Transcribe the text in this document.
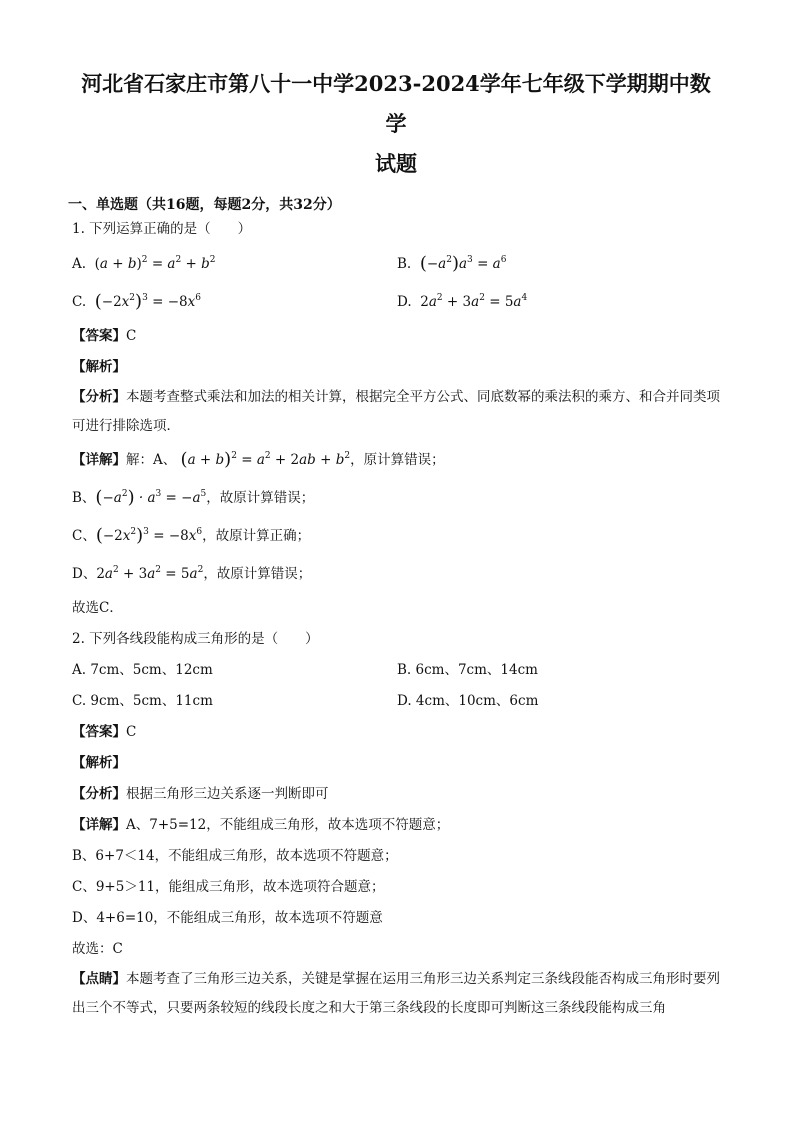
河北省石家庄市第八十一中学2023-2024学年七年级下学期期中数学
试题
一、单选题（共16题，每题2分，共32分）
1. 下列运算正确的是（　　）
A. $(a + b)^2 = a^2 + b^2$	B. $(-a^2)a^3 = a^6$
C. $(-2x^2)^3 = -8x^6$	D. $2a^2 + 3a^2 = 5a^4$
【答案】C
【解析】
【分析】本题考查整式乘法和加法的相关计算，根据完全平方公式、同底数幂的乘法积的乘方、和合并同类项可进行排除选项．
【详解】解：A、 $(a + b)^2 = a^2 + 2ab + b^2$，原计算错误；
B、$(-a^2) \cdot a^3 = -a^5$，故原计算错误；
C、$(-2x^2)^3 = -8x^6$，故原计算正确；
D、$2a^2 + 3a^2 = 5a^2$，故原计算错误；
故选C．
2. 下列各线段能构成三角形的是（　　）
A. 7cm、5cm、12cm	B. 6cm、7cm、14cm
C. 9cm、5cm、11cm	D. 4cm、10cm、6cm
【答案】C
【解析】
【分析】根据三角形三边关系逐一判断即可
【详解】A、7+5=12，不能组成三角形，故本选项不符题意；
B、6+7＜14，不能组成三角形，故本选项不符题意；
C、9+5＞11，能组成三角形，故本选项符合题意；
D、4+6=10，不能组成三角形，故本选项不符题意
故选：C
【点睛】本题考查了三角形三边关系，关键是掌握在运用三角形三边关系判定三条线段能否构成三角形时要列出三个不等式，只要两条较短的线段长度之和大于第三条线段的长度即可判断这三条线段能构成三角
